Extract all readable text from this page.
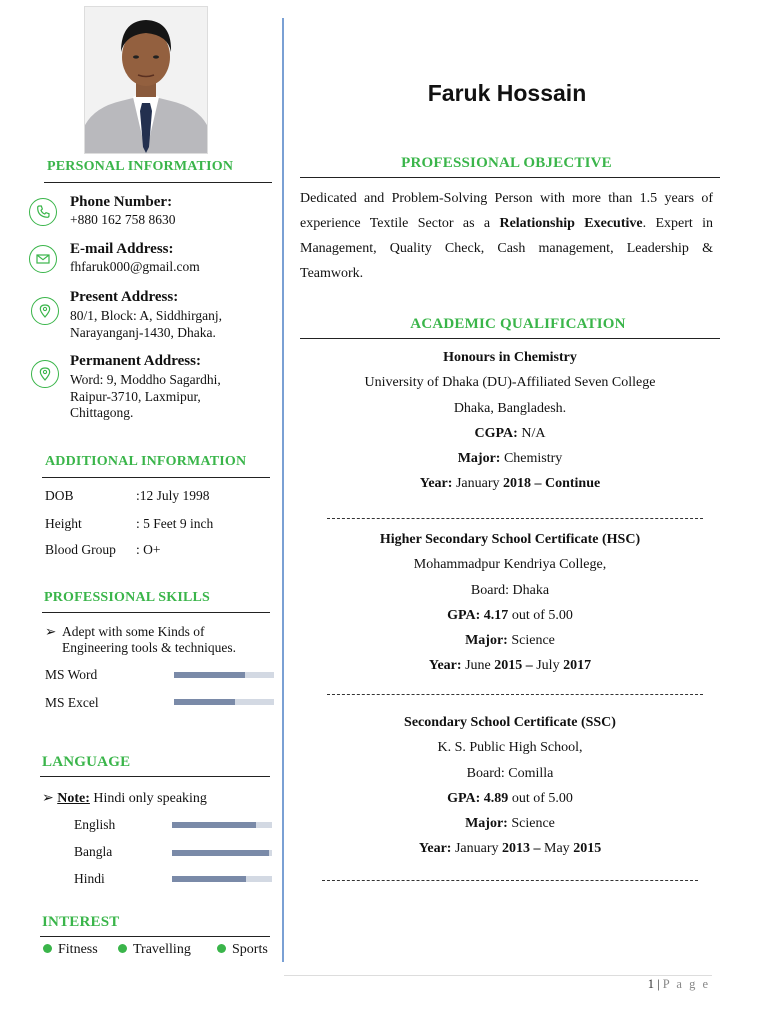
PERSONAL INFORMATION
Phone Number:
+880 162 758 8630
E-mail Address:
fhfaruk000@gmail.com
Present Address:
80/1, Block: A, Siddhirganj,
Narayanganj-1430, Dhaka.
Permanent Address:
Word: 9, Moddho Sagardhi,
Raipur-3710, Laxmipur,
Chittagong.
ADDITIONAL INFORMATION
DOB	:12 July 1998
Height	: 5 Feet 9 inch
Blood Group : O+
PROFESSIONAL SKILLS
➢ Adept with some Kinds of
Engineering tools & techniques.
MS Word
MS Excel
LANGUAGE
➢ Note: Hindi only speaking
English
Bangla
Hindi
INTEREST
Fitness	Travelling	Sports
Faruk Hossain
PROFESSIONAL OBJECTIVE
Dedicated and Problem-Solving Person with more than 1.5 years of experience Textile Sector as a Relationship Executive. Expert in Management, Quality Check, Cash management, Leadership & Teamwork.
ACADEMIC QUALIFICATION
Honours in Chemistry
University of Dhaka (DU)-Affiliated Seven College
Dhaka, Bangladesh.
CGPA: N/A
Major: Chemistry
Year: January 2018 – Continue
Higher Secondary School Certificate (HSC)
Mohammadpur Kendriya College,
Board: Dhaka
GPA: 4.17 out of 5.00
Major: Science
Year: June 2015 – July 2017
Secondary School Certificate (SSC)
K. S. Public High School,
Board: Comilla
GPA: 4.89 out of 5.00
Major: Science
Year: January 2013 – May 2015
1 | P a g e
